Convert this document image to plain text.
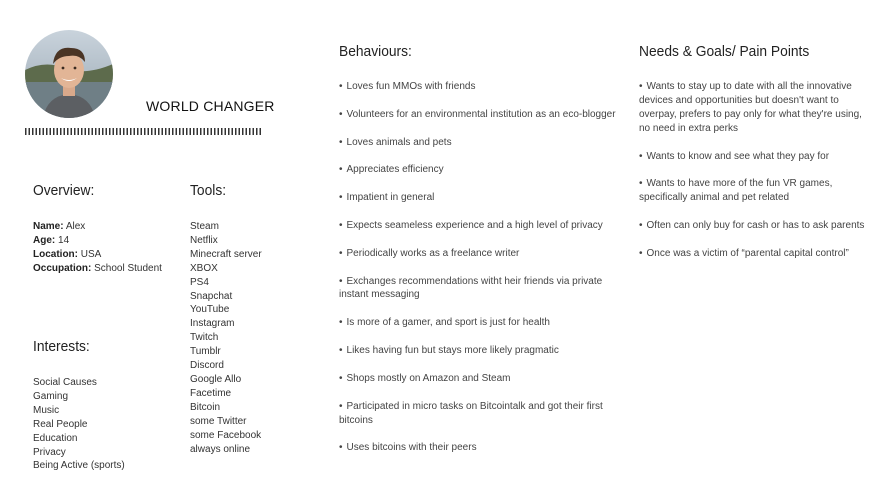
WORLD CHANGER
Overview:
Name: Alex
Age: 14
Location: USA
Occupation: School Student
Interests:
Social Causes
Gaming
Music
Real People
Education
Privacy
Being Active (sports)
Tools:
Steam
Netflix
Minecraft server
XBOX
PS4
Snapchat
YouTube
Instagram
Twitch
Tumblr
Discord
Google Allo
Facetime
Bitcoin
some Twitter
some Facebook
always online
Behaviours:
• Loves fun MMOs with friends
• Volunteers for an environmental institution as an eco-blogger
• Loves animals and pets
• Appreciates efficiency
• Impatient in general
• Expects seameless experience and a high level of privacy
• Periodically works as a freelance writer
• Exchanges recommendations witht heir friends via private instant messaging
• Is more of a gamer, and sport is just for health
• Likes having fun but stays more likely pragmatic
• Shops mostly on Amazon and Steam
• Participated in micro tasks on Bitcointalk and got their first bitcoins
• Uses bitcoins with their peers
Needs & Goals/ Pain Points
• Wants to stay up to date with all the innovative devices and opportunities but doesn't want to overpay, prefers to pay only for what they're using, no need in extra perks
• Wants to know and see what they pay for
• Wants to have more of the fun VR games, specifically animal and pet related
• Often can only buy for cash or has to ask parents
• Once was a victim of “parental capital control”
